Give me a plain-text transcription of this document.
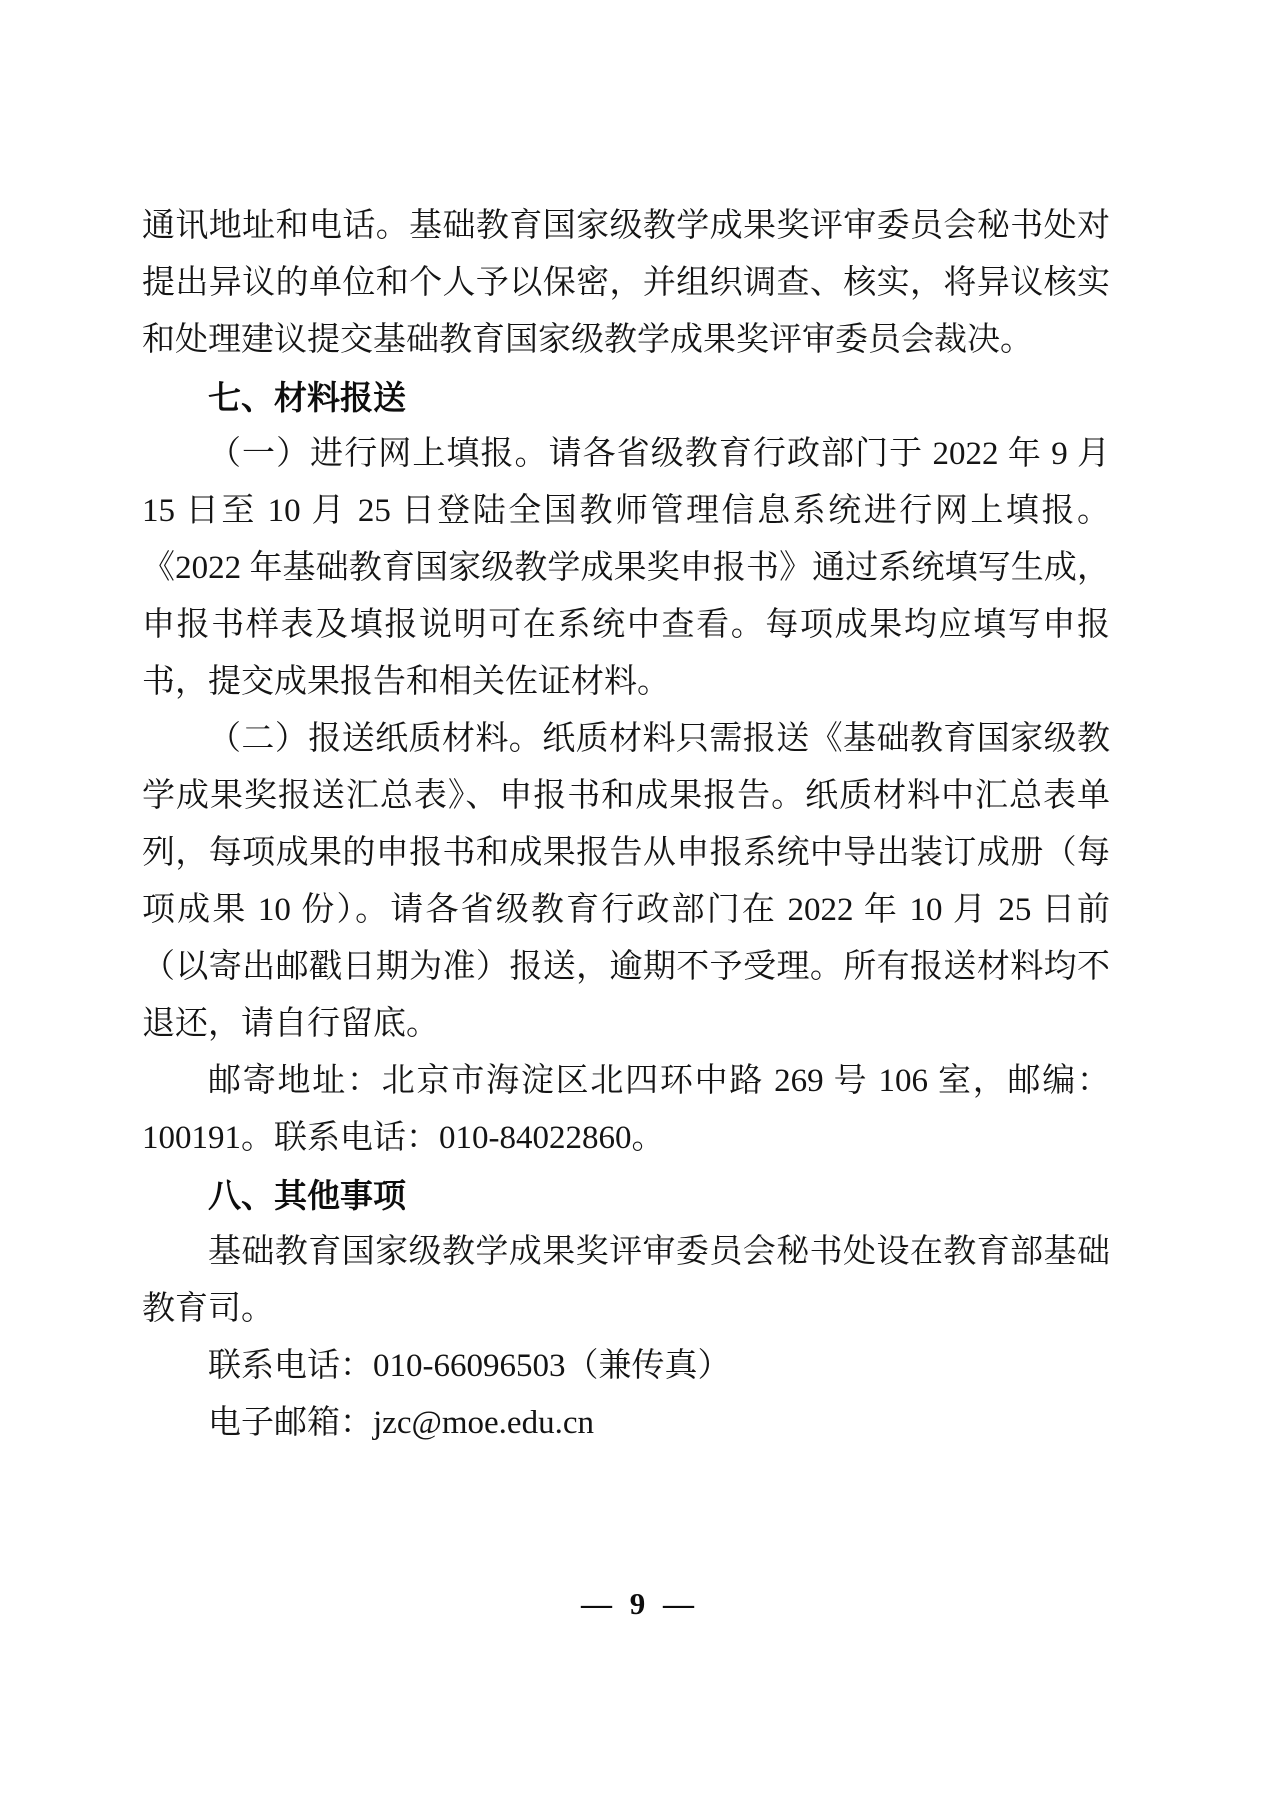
通讯地址和电话。基础教育国家级教学成果奖评审委员会秘书处对提出异议的单位和个人予以保密，并组织调查、核实，将异议核实和处理建议提交基础教育国家级教学成果奖评审委员会裁决。

七、材料报送

（一）进行网上填报。请各省级教育行政部门于 2022 年 9 月 15 日至 10 月 25 日登陆全国教师管理信息系统进行网上填报。《2022 年基础教育国家级教学成果奖申报书》通过系统填写生成，申报书样表及填报说明可在系统中查看。每项成果均应填写申报书，提交成果报告和相关佐证材料。

（二）报送纸质材料。纸质材料只需报送《基础教育国家级教学成果奖报送汇总表》、申报书和成果报告。纸质材料中汇总表单列，每项成果的申报书和成果报告从申报系统中导出装订成册（每项成果 10 份）。请各省级教育行政部门在 2022 年 10 月 25 日前（以寄出邮戳日期为准）报送，逾期不予受理。所有报送材料均不退还，请自行留底。

邮寄地址：北京市海淀区北四环中路 269 号 106 室，邮编：100191。联系电话：010-84022860。

八、其他事项

基础教育国家级教学成果奖评审委员会秘书处设在教育部基础教育司。

联系电话：010-66096503（兼传真）

电子邮箱：jzc@moe.edu.cn

— 9 —
